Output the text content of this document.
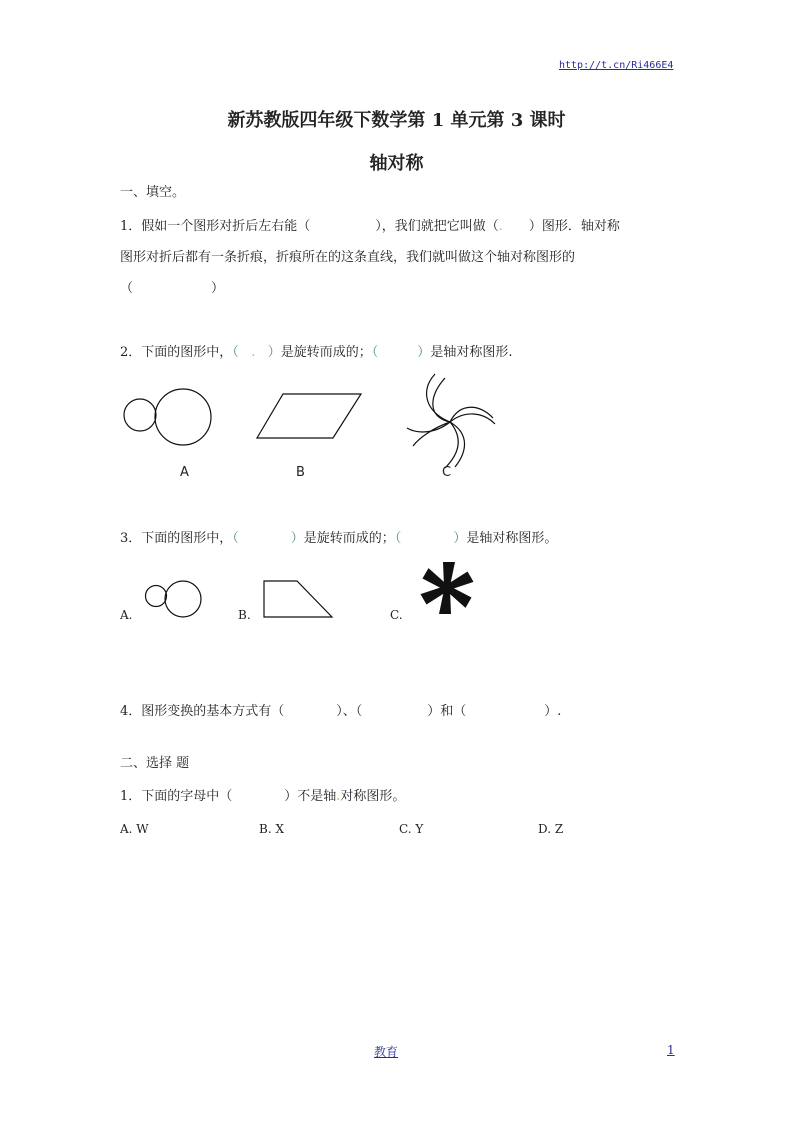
http://t.cn/Ri466E4
新苏教版四年级下数学第 1 单元第 3 课时
轴对称
一、填空。
1．假如一个图形对折后左右能（　　　　　），我们就把它叫做（.　　）图形．轴对称
图形对折后都有一条折痕，折痕所在的这条直线，我们就叫做这个轴对称图形的
（　　　　　　）
2．下面的图形中，（ . ）是旋转而成的；（　　　）是轴对称图形.
A	B	C
3．下面的图形中，（　　　　）是旋转而成的；（　　　　）是轴对称图形。
A.	B.	C.
4．图形变换的基本方式有（　　　　）、（　　　　　）和（　　　　　　）.
二、选择 题
1．下面的字母中（　　　　）不是轴.对称图形。
A. W	B. X	C. Y	D. Z
教育	1
